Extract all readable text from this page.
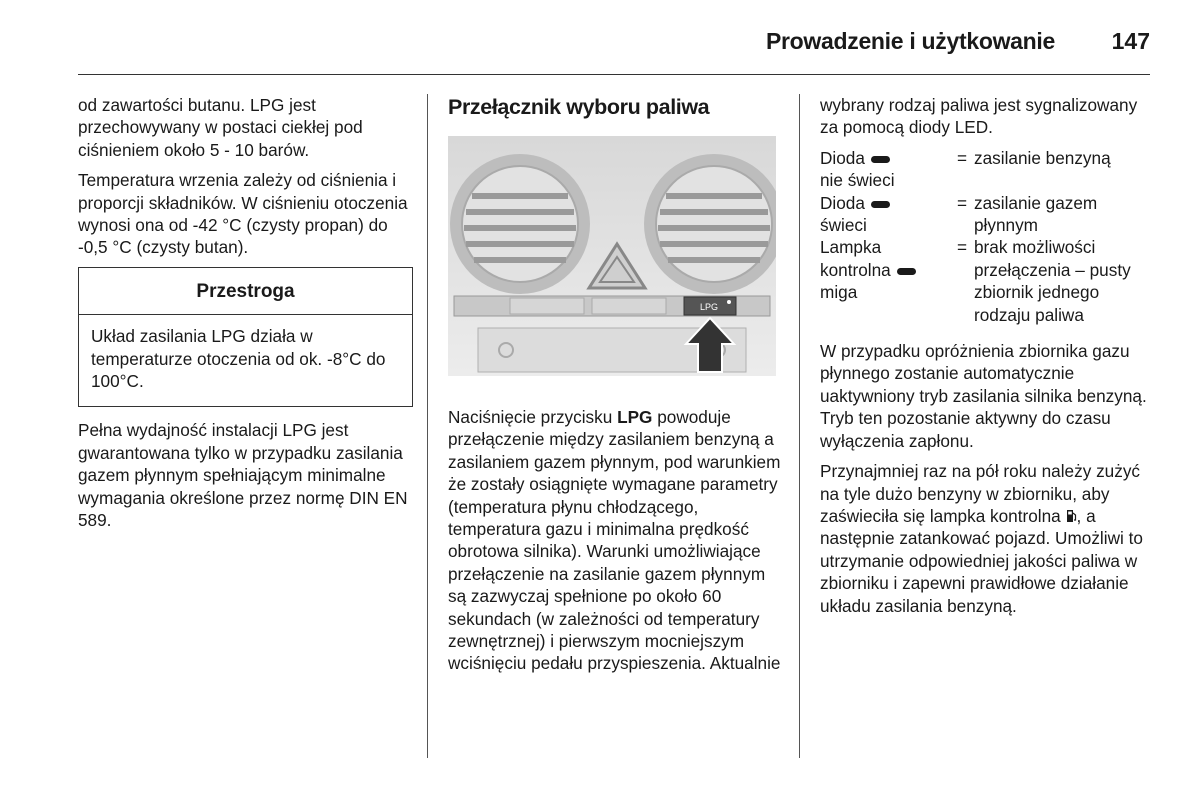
Prowadzenie i użytkowanie 147

od zawartości butanu. LPG jest przechowywany w postaci ciekłej pod ciśnieniem około 5 - 10 barów.

Temperatura wrzenia zależy od ciśnienia i proporcji składników. W ciśnieniu otoczenia wynosi ona od -42 °C (czysty propan) do -0,5 °C (czysty butan).

Przestroga
Układ zasilania LPG działa w temperaturze otoczenia od ok. -8°C do 100°C.

Pełna wydajność instalacji LPG jest gwarantowana tylko w przypadku zasilania gazem płynnym spełniającym minimalne wymagania określone przez normę DIN EN 589.

Przełącznik wyboru paliwa
LPG

Naciśnięcie przycisku LPG powoduje przełączenie między zasilaniem benzyną a zasilaniem gazem płynnym, pod warunkiem że zostały osiągnięte wymagane parametry (temperatura płynu chłodzącego, temperatura gazu i minimalna prędkość obrotowa silnika). Warunki umożliwiające przełączenie na zasilanie gazem płynnym są zazwyczaj spełnione po około 60 sekundach (w zależności od temperatury zewnętrznej) i pierwszym mocniejszym wciśnięciu pedału przyspieszenia. Aktualnie

wybrany rodzaj paliwa jest sygnalizowany za pomocą diody LED.

Dioda
nie świeci
= zasilanie benzyną
Dioda
świeci
= zasilanie gazem płynnym
Lampka
kontrolna
miga
= brak możliwości przełączenia – pusty zbiornik jednego rodzaju paliwa

W przypadku opróżnienia zbiornika gazu płynnego zostanie automatycznie uaktywniony tryb zasilania silnika benzyną. Tryb ten pozostanie aktywny do czasu wyłączenia zapłonu.

Przynajmniej raz na pół roku należy zużyć na tyle dużo benzyny w zbiorniku, aby zaświeciła się lampka kontrolna , a następnie zatankować pojazd. Umożliwi to utrzymanie odpowiedniej jakości paliwa w zbiorniku i zapewni prawidłowe działanie układu zasilania benzyną.
